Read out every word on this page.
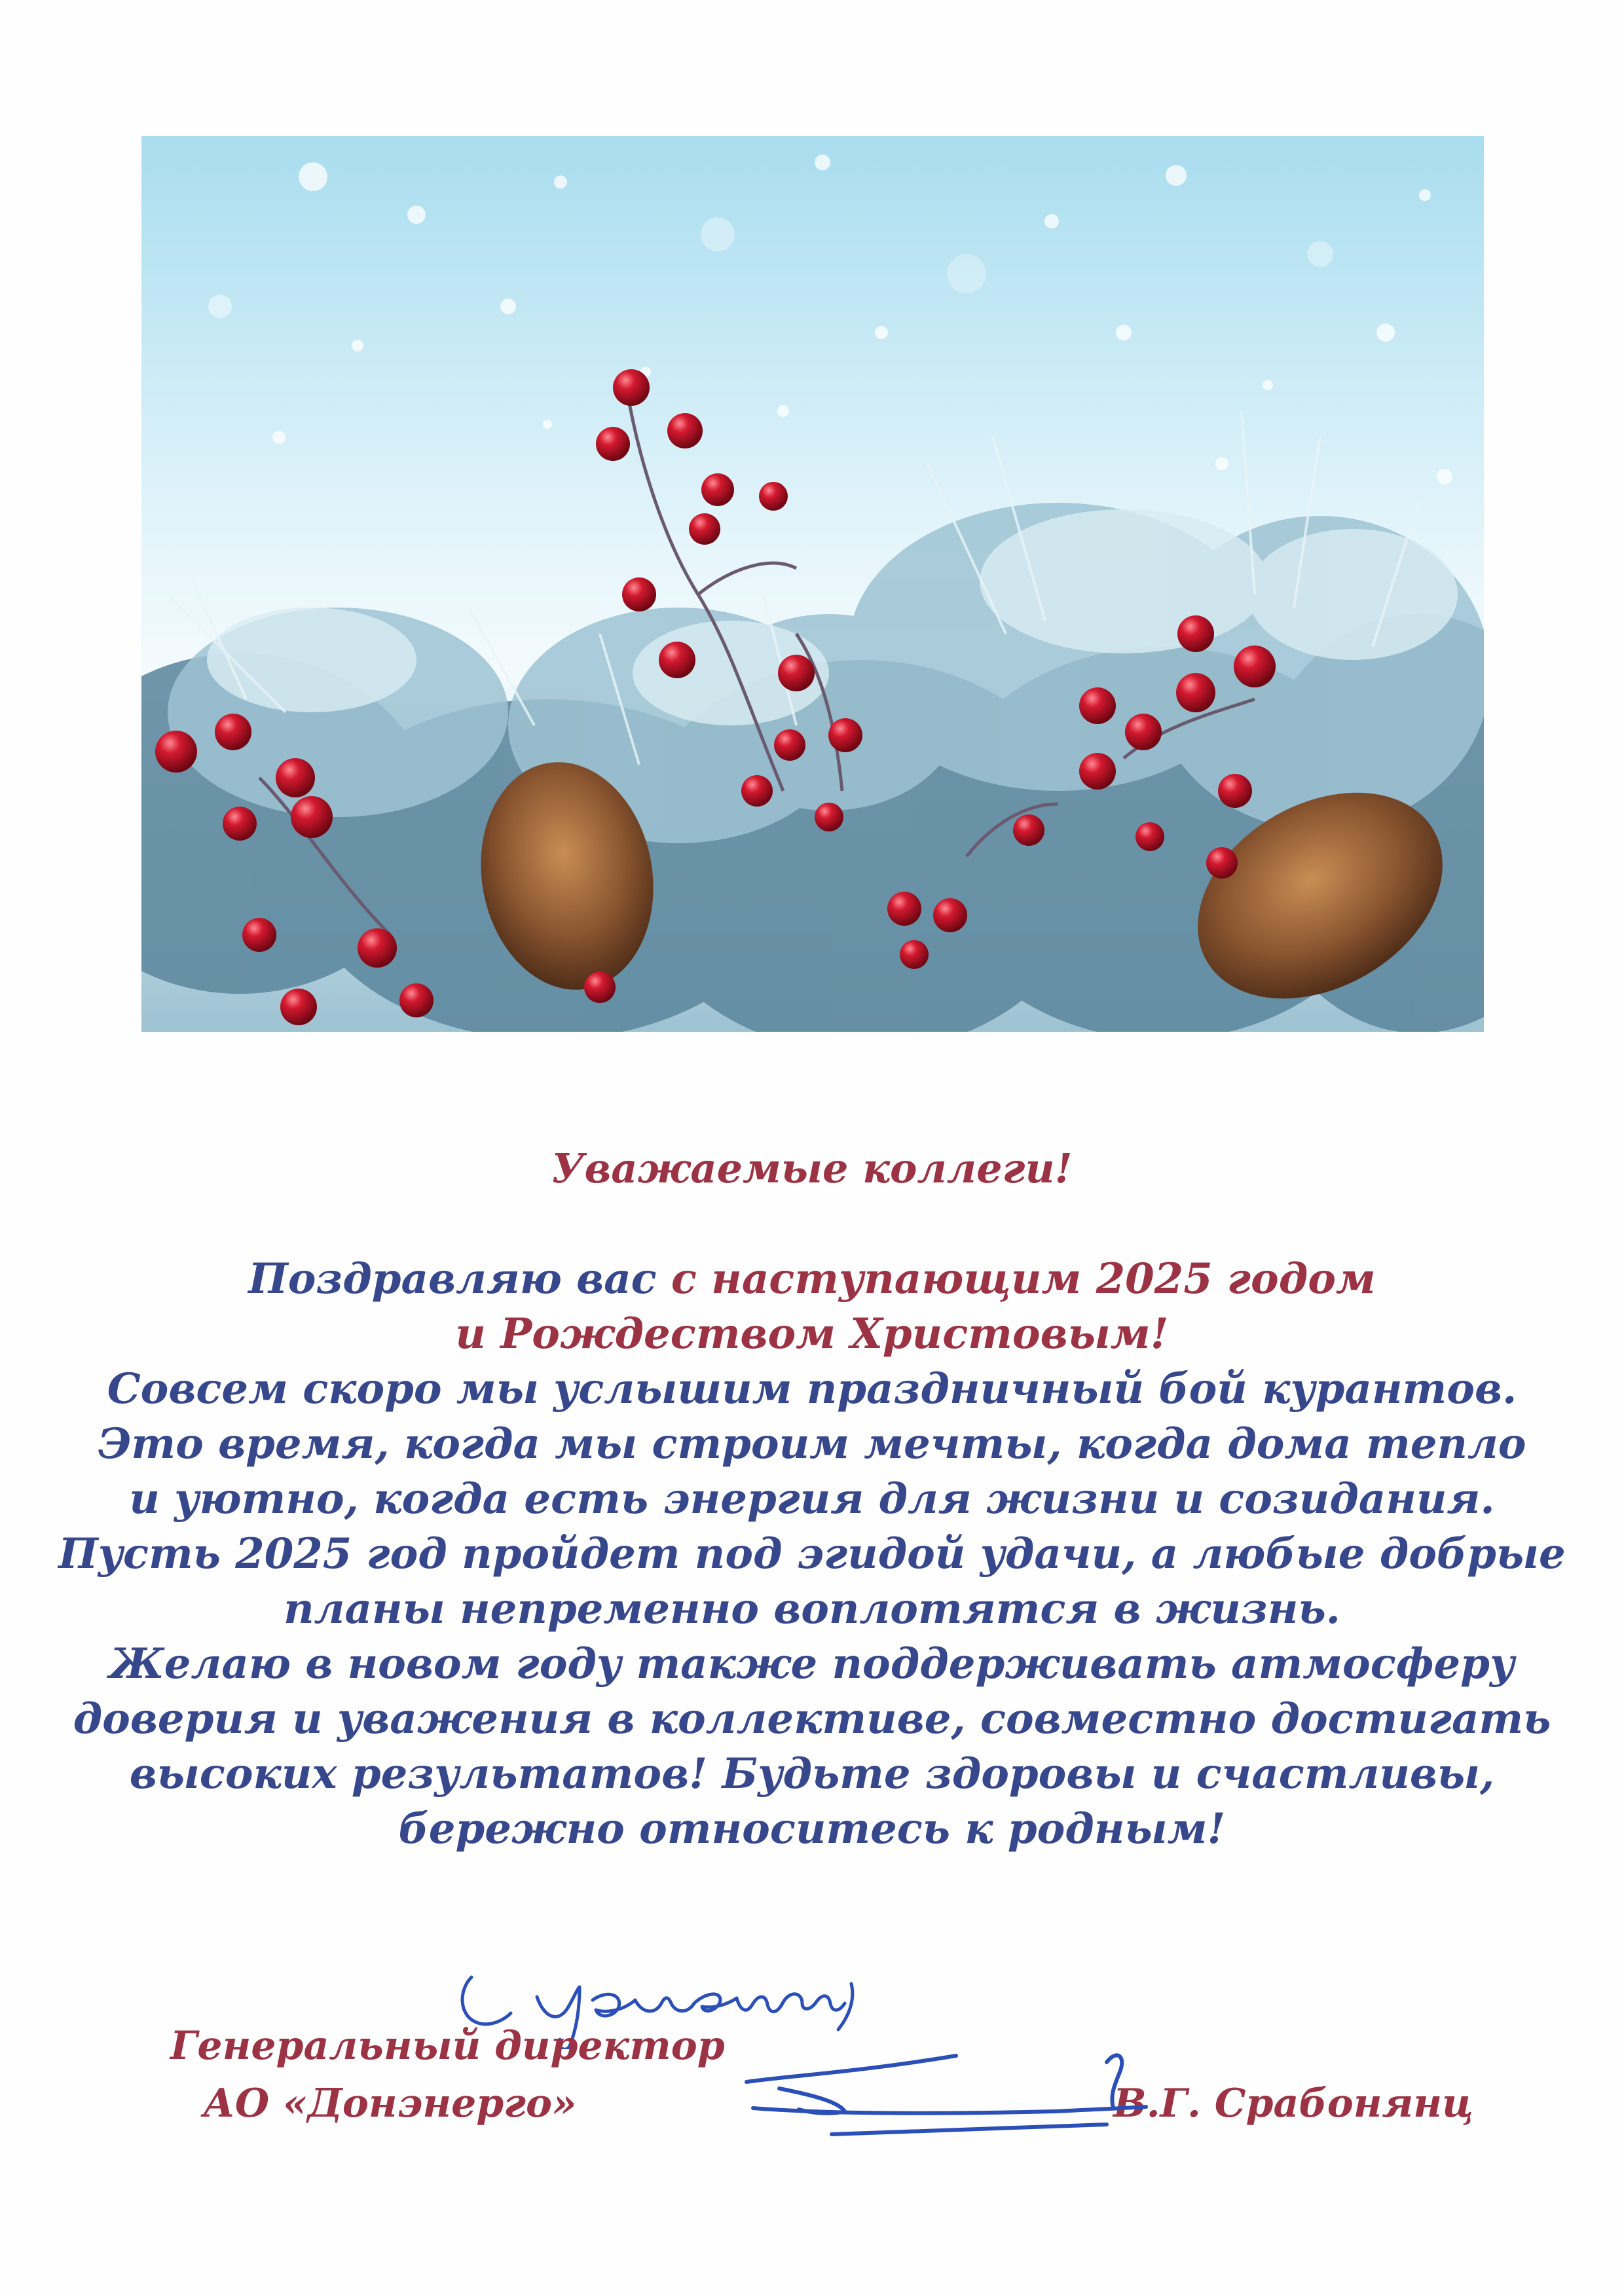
Уважаемые коллеги!
Поздравляю вас с наступающим 2025 годом
и Рождеством Христовым!
Совсем скоро мы услышим праздничный бой курантов.
Это время, когда мы строим мечты, когда дома тепло
и уютно, когда есть энергия для жизни и созидания.
Пусть 2025 год пройдет под эгидой удачи, а любые добрые
планы непременно воплотятся в жизнь.
Желаю в новом году также поддерживать атмосферу
доверия и уважения в коллективе, совместно достигать
высоких результатов! Будьте здоровы и счастливы,
бережно относитесь к родным!
Генеральный директор
АО «Донэнерго»	В.Г. Срабонянц
